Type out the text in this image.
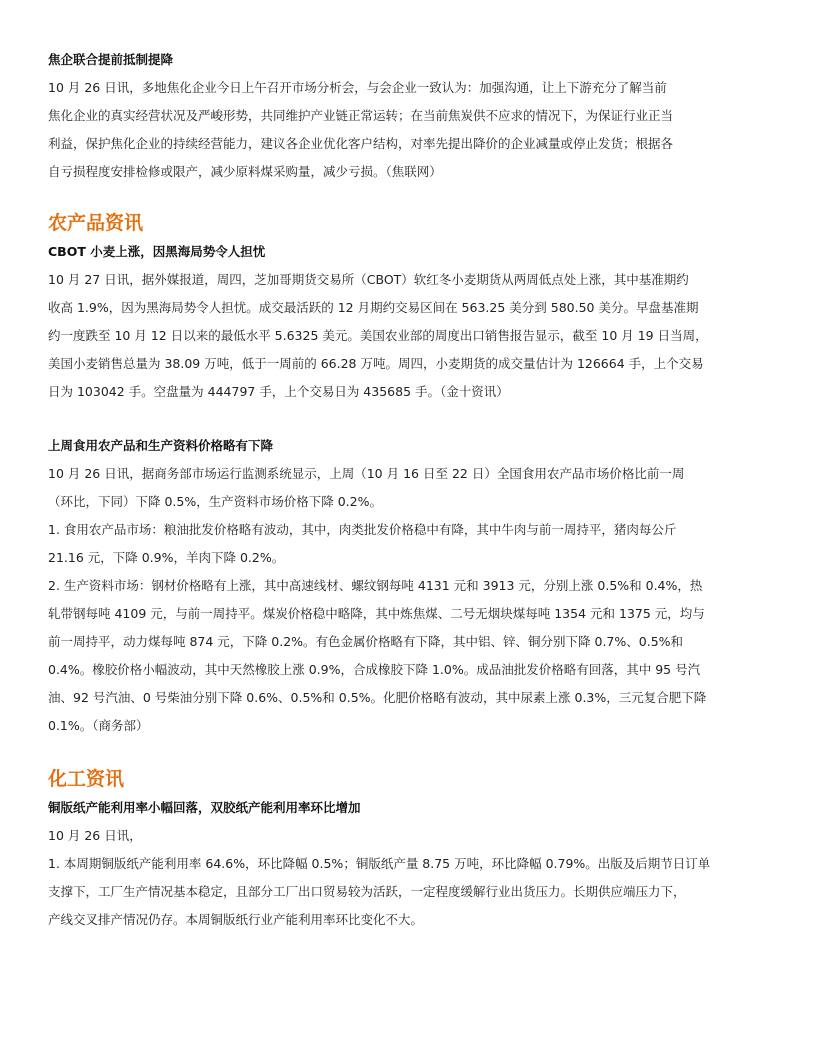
焦企联合提前抵制提降

10 月 26 日讯，多地焦化企业今日上午召开市场分析会，与会企业一致认为：加强沟通，让上下游充分了解当前
焦化企业的真实经营状况及严峻形势，共同维护产业链正常运转；在当前焦炭供不应求的情况下，为保证行业正当
利益，保护焦化企业的持续经营能力，建议各企业优化客户结构，对率先提出降价的企业减量或停止发货；根据各
自亏损程度安排检修或限产，减少原料煤采购量，减少亏损。（焦联网）

农产品资讯
CBOT 小麦上涨，因黑海局势令人担忧

10 月 27 日讯，据外媒报道，周四，芝加哥期货交易所（CBOT）软红冬小麦期货从两周低点处上涨，其中基准期约
收高 1.9%，因为黑海局势令人担忧。成交最活跃的 12 月期约交易区间在 563.25 美分到 580.50 美分。早盘基准期
约一度跌至 10 月 12 日以来的最低水平 5.6325 美元。美国农业部的周度出口销售报告显示，截至 10 月 19 日当周，
美国小麦销售总量为 38.09 万吨，低于一周前的 66.28 万吨。周四，小麦期货的成交量估计为 126664 手，上个交易
日为 103042 手。空盘量为 444797 手，上个交易日为 435685 手。（金十资讯）

上周食用农产品和生产资料价格略有下降

10 月 26 日讯，据商务部市场运行监测系统显示，上周（10 月 16 日至 22 日）全国食用农产品市场价格比前一周
（环比，下同）下降 0.5%，生产资料市场价格下降 0.2%。
1. 食用农产品市场：粮油批发价格略有波动，其中，肉类批发价格稳中有降，其中牛肉与前一周持平，猪肉每公斤
21.16 元，下降 0.9%，羊肉下降 0.2%。
2. 生产资料市场：钢材价格略有上涨，其中高速线材、螺纹钢每吨 4131 元和 3913 元，分别上涨 0.5%和 0.4%，热
轧带钢每吨 4109 元，与前一周持平。煤炭价格稳中略降，其中炼焦煤、二号无烟块煤每吨 1354 元和 1375 元，均与
前一周持平，动力煤每吨 874 元，下降 0.2%。有色金属价格略有下降，其中铝、锌、铜分别下降 0.7%、0.5%和
0.4%。橡胶价格小幅波动，其中天然橡胶上涨 0.9%，合成橡胶下降 1.0%。成品油批发价格略有回落，其中 95 号汽
油、92 号汽油、0 号柴油分别下降 0.6%、0.5%和 0.5%。化肥价格略有波动，其中尿素上涨 0.3%，三元复合肥下降
0.1%。（商务部）

化工资讯
铜版纸产能利用率小幅回落，双胶纸产能利用率环比增加

10 月 26 日讯，
1. 本周期铜版纸产能利用率 64.6%，环比降幅 0.5%；铜版纸产量 8.75 万吨，环比降幅 0.79%。出版及后期节日订单
支撑下，工厂生产情况基本稳定，且部分工厂出口贸易较为活跃，一定程度缓解行业出货压力。长期供应端压力下，
产线交叉排产情况仍存。本周铜版纸行业产能利用率环比变化不大。
